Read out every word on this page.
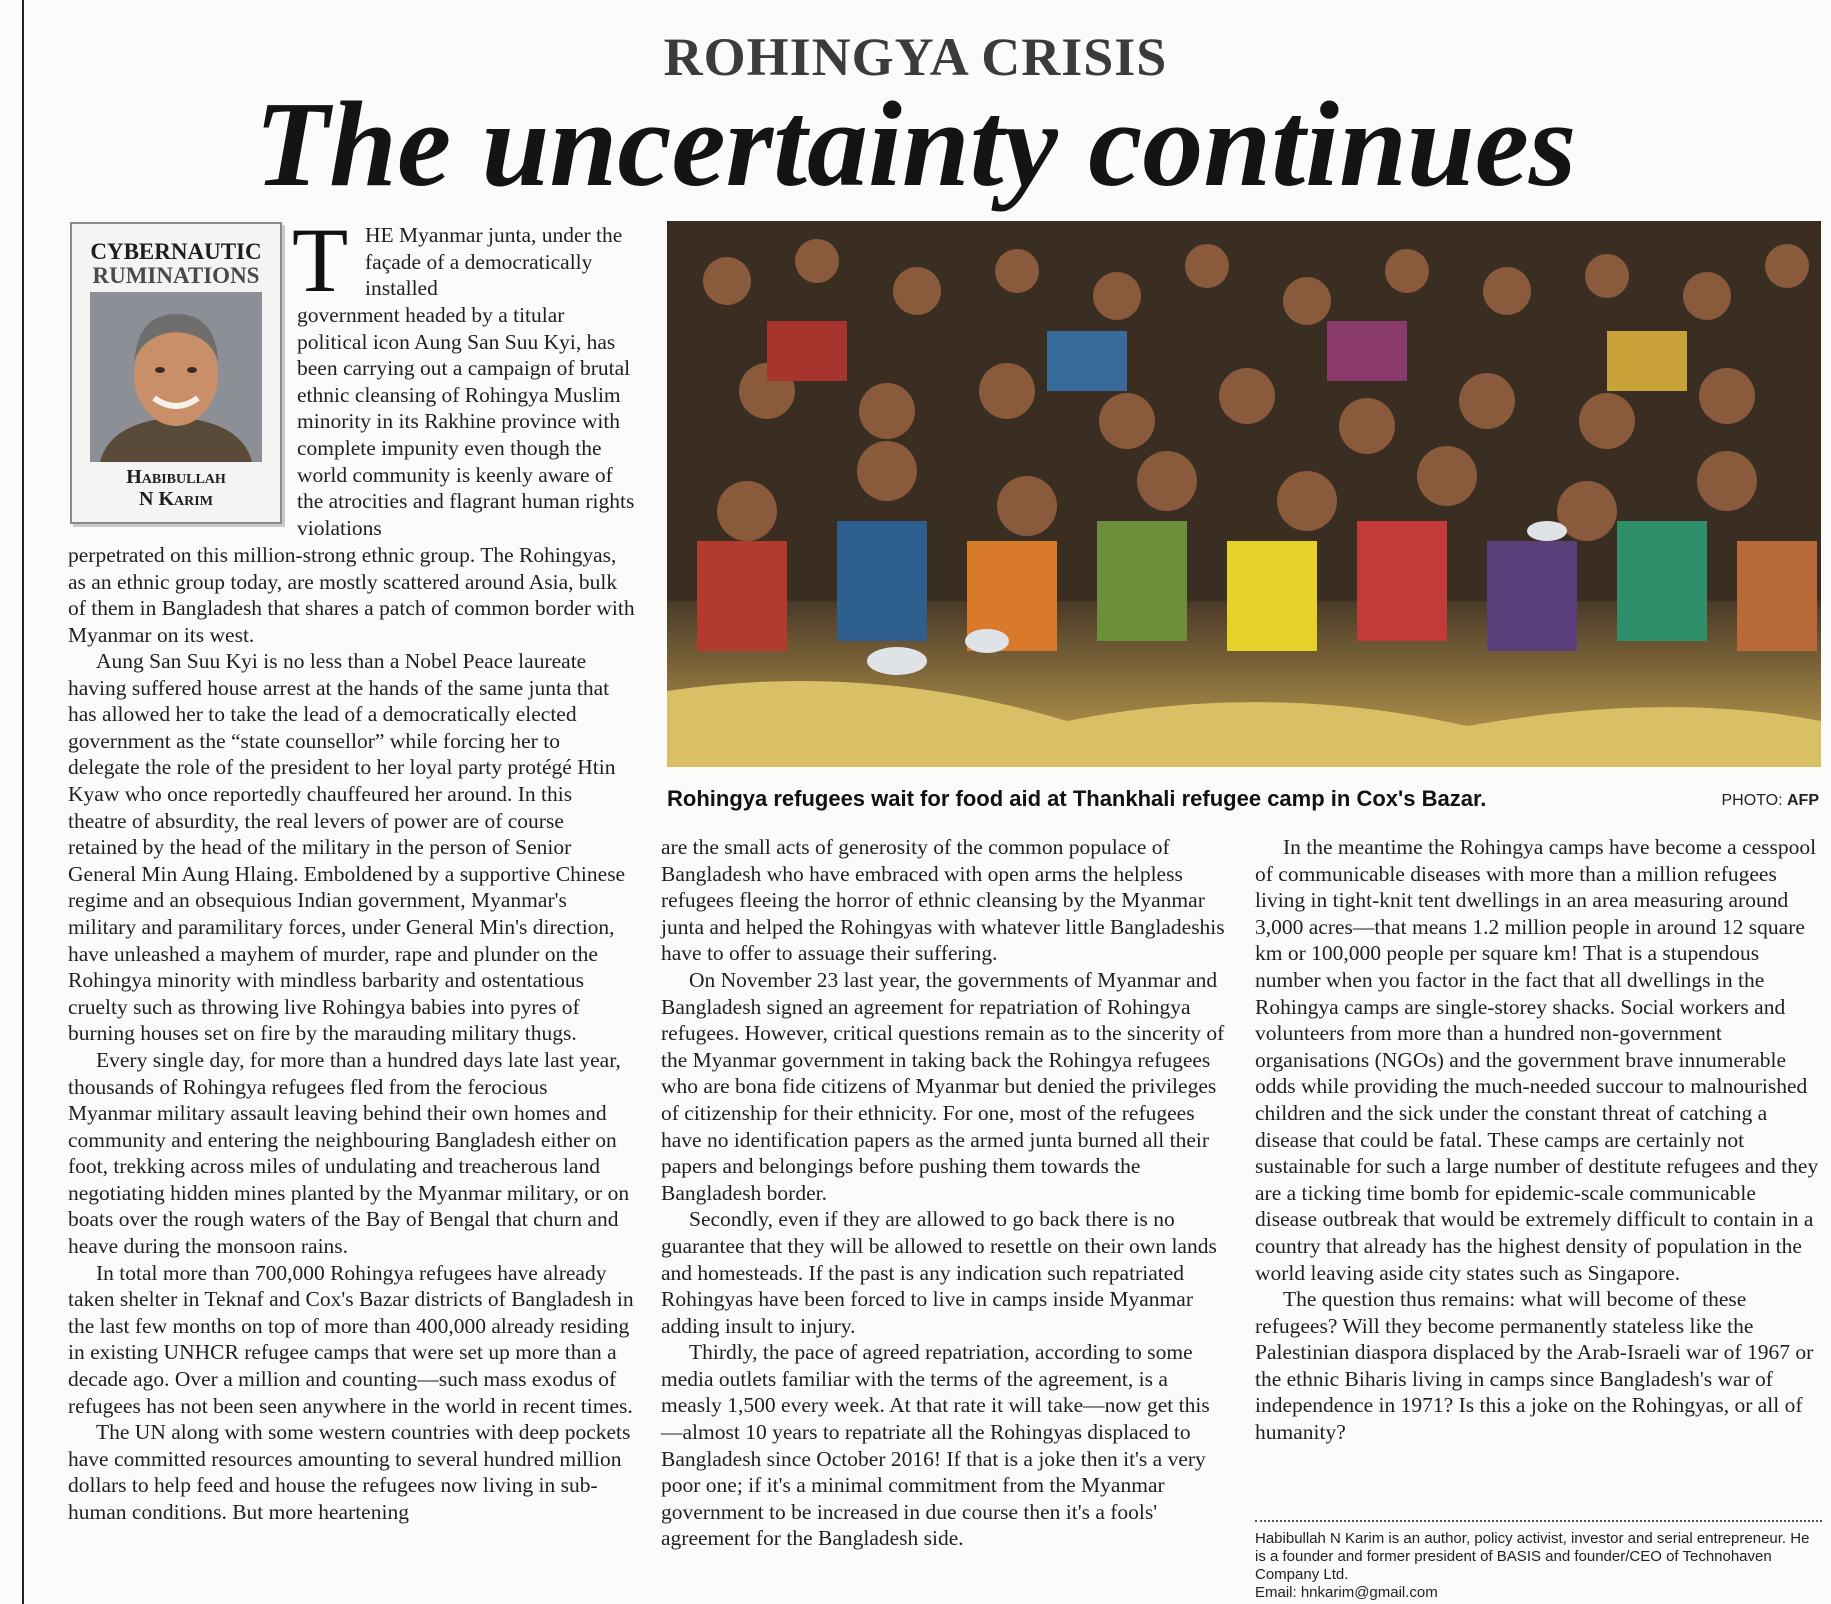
ROHINGYA CRISIS
The uncertainty continues
CYBERNAUTIC
RUMINATIONS
Habibullah
N Karim
T HE Myanmar junta, under the façade of a democratically installed

government headed by a titular political icon Aung San Suu Kyi, has been carrying out a campaign of brutal ethnic cleansing of Rohingya Muslim minority in its Rakhine province with complete impunity even though the world community is keenly aware of the atrocities and flagrant human rights violations

perpetrated on this million-strong ethnic group. The Rohingyas, as an ethnic group today, are mostly scattered around Asia, bulk of them in Bangladesh that shares a patch of common border with Myanmar on its west.

Aung San Suu Kyi is no less than a Nobel Peace laureate having suffered house arrest at the hands of the same junta that has allowed her to take the lead of a democratically elected government as the “state counsellor” while forcing her to delegate the role of the president to her loyal party protégé Htin Kyaw who once reportedly chauffeured her around. In this theatre of absurdity, the real levers of power are of course retained by the head of the military in the person of Senior General Min Aung Hlaing. Emboldened by a supportive Chinese regime and an obsequious Indian government, Myanmar's military and paramilitary forces, under General Min's direction, have unleashed a mayhem of murder, rape and plunder on the Rohingya minority with mindless barbarity and ostentatious cruelty such as throwing live Rohingya babies into pyres of burning houses set on fire by the marauding military thugs.

Every single day, for more than a hundred days late last year, thousands of Rohingya refugees fled from the ferocious Myanmar military assault leaving behind their own homes and community and entering the neighbouring Bangladesh either on foot, trekking across miles of undulating and treacherous land negotiating hidden mines planted by the Myanmar military, or on boats over the rough waters of the Bay of Bengal that churn and heave during the monsoon rains.

In total more than 700,000 Rohingya refugees have already taken shelter in Teknaf and Cox's Bazar districts of Bangladesh in the last few months on top of more than 400,000 already residing in existing UNHCR refugee camps that were set up more than a decade ago. Over a million and counting—such mass exodus of refugees has not been seen anywhere in the world in recent times.

The UN along with some western countries with deep pockets have committed resources amounting to several hundred million dollars to help feed and house the refugees now living in sub-human conditions. But more heartening

Rohingya refugees wait for food aid at Thankhali refugee camp in Cox's Bazar.	PHOTO: AFP

are the small acts of generosity of the common populace of Bangladesh who have embraced with open arms the helpless refugees fleeing the horror of ethnic cleansing by the Myanmar junta and helped the Rohingyas with whatever little Bangladeshis have to offer to assuage their suffering.

On November 23 last year, the governments of Myanmar and Bangladesh signed an agreement for repatriation of Rohingya refugees. However, critical questions remain as to the sincerity of the Myanmar government in taking back the Rohingya refugees who are bona fide citizens of Myanmar but denied the privileges of citizenship for their ethnicity. For one, most of the refugees have no identification papers as the armed junta burned all their papers and belongings before pushing them towards the Bangladesh border.

Secondly, even if they are allowed to go back there is no guarantee that they will be allowed to resettle on their own lands and homesteads. If the past is any indication such repatriated Rohingyas have been forced to live in camps inside Myanmar adding insult to injury.

Thirdly, the pace of agreed repatriation, according to some media outlets familiar with the terms of the agreement, is a measly 1,500 every week. At that rate it will take—now get this—almost 10 years to repatriate all the Rohingyas displaced to Bangladesh since October 2016! If that is a joke then it's a very poor one; if it's a minimal commitment from the Myanmar government to be increased in due course then it's a fools' agreement for the Bangladesh side.

In the meantime the Rohingya camps have become a cesspool of communicable diseases with more than a million refugees living in tight-knit tent dwellings in an area measuring around 3,000 acres—that means 1.2 million people in around 12 square km or 100,000 people per square km! That is a stupendous number when you factor in the fact that all dwellings in the Rohingya camps are single-storey shacks. Social workers and volunteers from more than a hundred non-government organisations (NGOs) and the government brave innumerable odds while providing the much-needed succour to malnourished children and the sick under the constant threat of catching a disease that could be fatal. These camps are certainly not sustainable for such a large number of destitute refugees and they are a ticking time bomb for epidemic-scale communicable disease outbreak that would be extremely difficult to contain in a country that already has the highest density of population in the world leaving aside city states such as Singapore.

The question thus remains: what will become of these refugees? Will they become permanently stateless like the Palestinian diaspora displaced by the Arab-Israeli war of 1967 or the ethnic Biharis living in camps since Bangladesh's war of independence in 1971? Is this a joke on the Rohingyas, or all of humanity?

Habibullah N Karim is an author, policy activist, investor and serial entrepreneur. He is a founder and former president of BASIS and founder/CEO of Technohaven Company Ltd.
Email: hnkarim@gmail.com
